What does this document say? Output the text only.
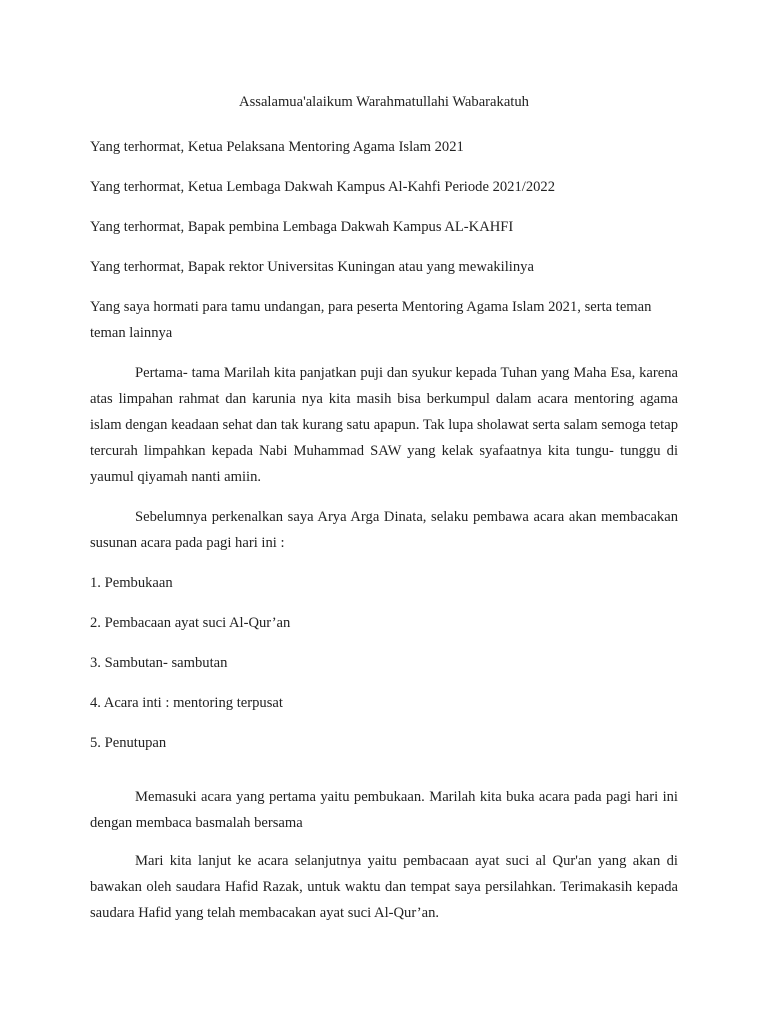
Assalamua'alaikum Warahmatullahi Wabarakatuh

Yang terhormat, Ketua Pelaksana Mentoring Agama Islam 2021

Yang terhormat, Ketua Lembaga Dakwah Kampus Al-Kahfi Periode 2021/2022

Yang terhormat, Bapak pembina Lembaga Dakwah Kampus AL-KAHFI

Yang terhormat, Bapak rektor Universitas Kuningan atau yang mewakilinya

Yang saya hormati para tamu undangan, para peserta Mentoring Agama Islam 2021, serta teman teman lainnya

Pertama- tama Marilah kita panjatkan puji dan syukur kepada Tuhan yang Maha Esa, karena atas limpahan rahmat dan karunia nya kita masih bisa berkumpul dalam acara mentoring agama islam dengan keadaan sehat dan tak kurang satu apapun. Tak lupa sholawat serta salam semoga tetap tercurah limpahkan kepada Nabi Muhammad SAW yang kelak syafaatnya kita tungu- tunggu di yaumul qiyamah nanti amiin.

Sebelumnya perkenalkan saya Arya Arga Dinata, selaku pembawa acara akan membacakan susunan acara pada pagi hari ini :

1. Pembukaan

2. Pembacaan ayat suci Al-Qur’an

3. Sambutan- sambutan

4. Acara inti : mentoring terpusat

5. Penutupan

Memasuki acara yang pertama yaitu pembukaan. Marilah kita buka acara pada pagi hari ini dengan membaca basmalah bersama

Mari kita lanjut ke acara selanjutnya yaitu pembacaan ayat suci al Qur'an yang akan di bawakan oleh saudara Hafid Razak, untuk waktu dan tempat saya persilahkan. Terimakasih kepada saudara Hafid yang telah membacakan ayat suci Al-Qur’an.
